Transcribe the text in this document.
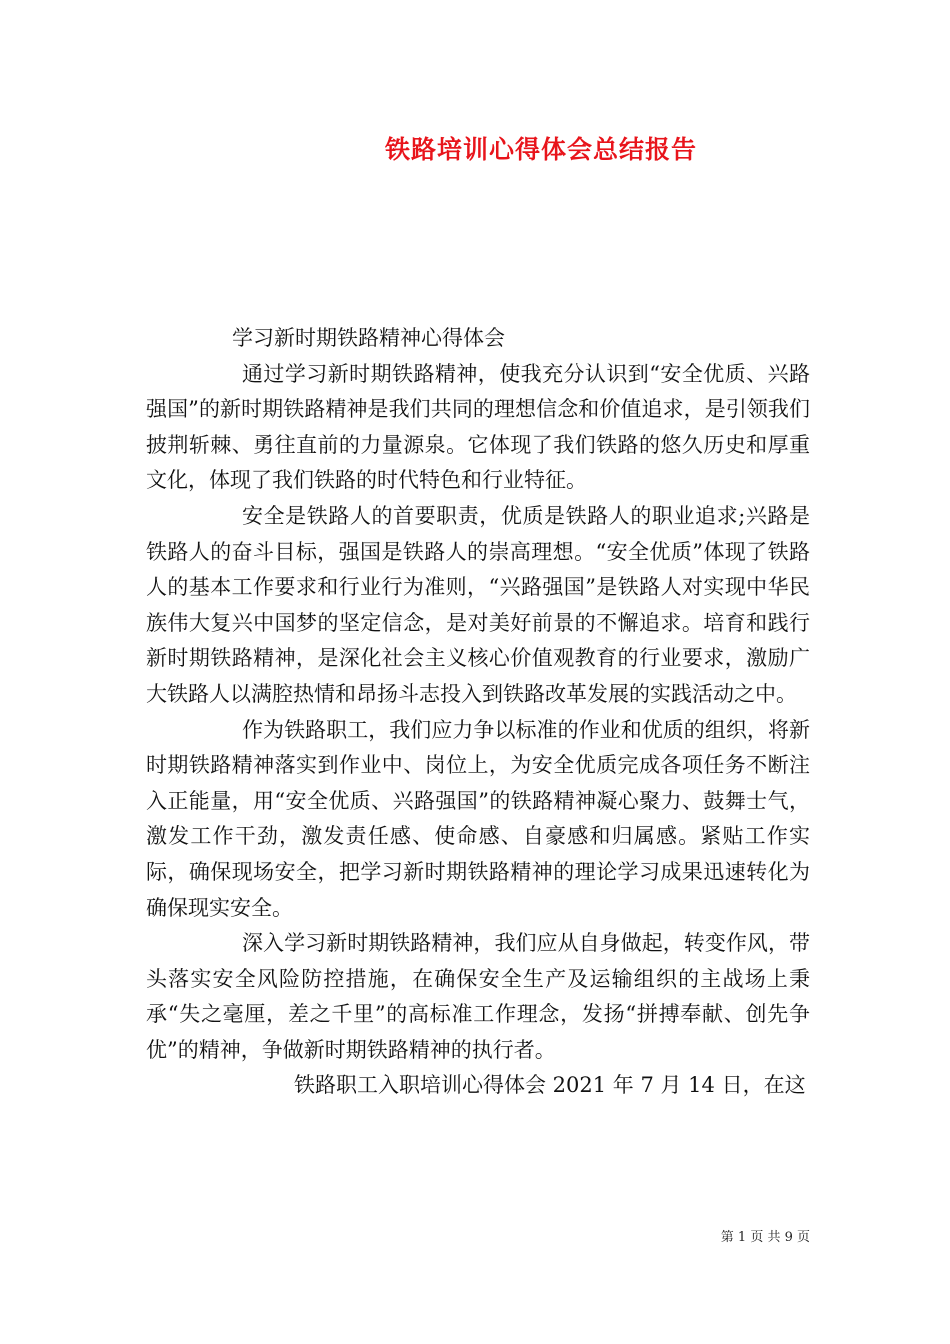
铁路培训心得体会总结报告

学习新时期铁路精神心得体会

通过学习新时期铁路精神，使我充分认识到“安全优质、兴路强国”的新时期铁路精神是我们共同的理想信念和价值追求，是引领我们披荆斩棘、勇往直前的力量源泉。它体现了我们铁路的悠久历史和厚重文化，体现了我们铁路的时代特色和行业特征。

安全是铁路人的首要职责，优质是铁路人的职业追求;兴路是铁路人的奋斗目标，强国是铁路人的崇高理想。“安全优质”体现了铁路人的基本工作要求和行业行为准则，“兴路强国”是铁路人对实现中华民族伟大复兴中国梦的坚定信念，是对美好前景的不懈追求。培育和践行新时期铁路精神，是深化社会主义核心价值观教育的行业要求，激励广大铁路人以满腔热情和昂扬斗志投入到铁路改革发展的实践活动之中。

作为铁路职工，我们应力争以标准的作业和优质的组织，将新时期铁路精神落实到作业中、岗位上，为安全优质完成各项任务不断注入正能量，用“安全优质、兴路强国”的铁路精神凝心聚力、鼓舞士气，激发工作干劲，激发责任感、使命感、自豪感和归属感。紧贴工作实际，确保现场安全，把学习新时期铁路精神的理论学习成果迅速转化为确保现实安全。

深入学习新时期铁路精神，我们应从自身做起，转变作风，带头落实安全风险防控措施，在确保安全生产及运输组织的主战场上秉承“失之毫厘，差之千里”的高标准工作理念，发扬“拼搏奉献、创先争优”的精神，争做新时期铁路精神的执行者。

铁路职工入职培训心得体会 2021 年 7 月 14 日，在这

第 1 页 共 9 页
